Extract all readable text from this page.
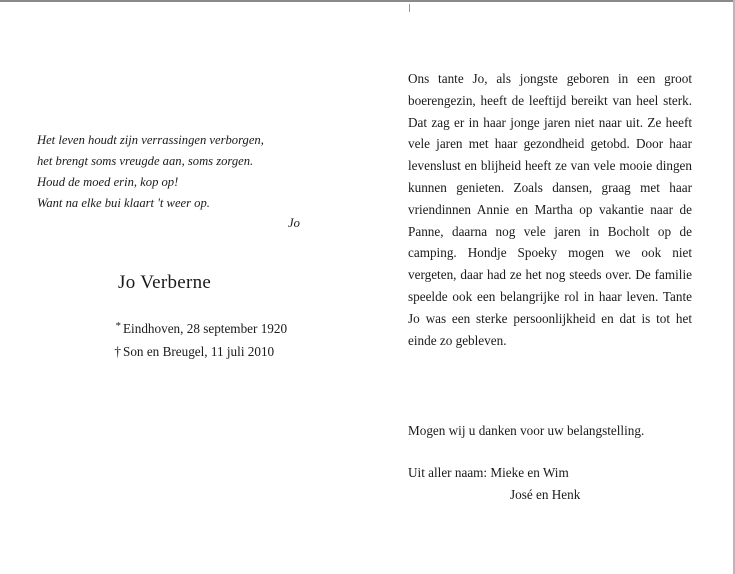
Het leven houdt zijn verrassingen verborgen,
het brengt soms vreugde aan, soms zorgen.
Houd de moed erin, kop op!
Want na elke bui klaart 't weer op.
Jo
Jo Verberne
* Eindhoven, 28 september 1920
† Son en Breugel, 11 juli 2010
Ons tante Jo, als jongste geboren in een groot boerengezin, heeft de leeftijd bereikt van heel sterk. Dat zag er in haar jonge jaren niet naar uit. Ze heeft vele jaren met haar gezondheid getobd. Door haar levenslust en blijheid heeft ze van vele mooie dingen kunnen genieten. Zoals dansen, graag met haar vriendinnen Annie en Martha op vakantie naar de Panne, daarna nog vele jaren in Bocholt op de camping. Hondje Spoeky mogen we ook niet vergeten, daar had ze het nog steeds over. De familie speelde ook een belangrijke rol in haar leven. Tante Jo was een sterke persoonlijkheid en dat is tot het einde zo gebleven.
Mogen wij u danken voor uw belangstelling.
Uit aller naam: Mieke en Wim
José en Henk
